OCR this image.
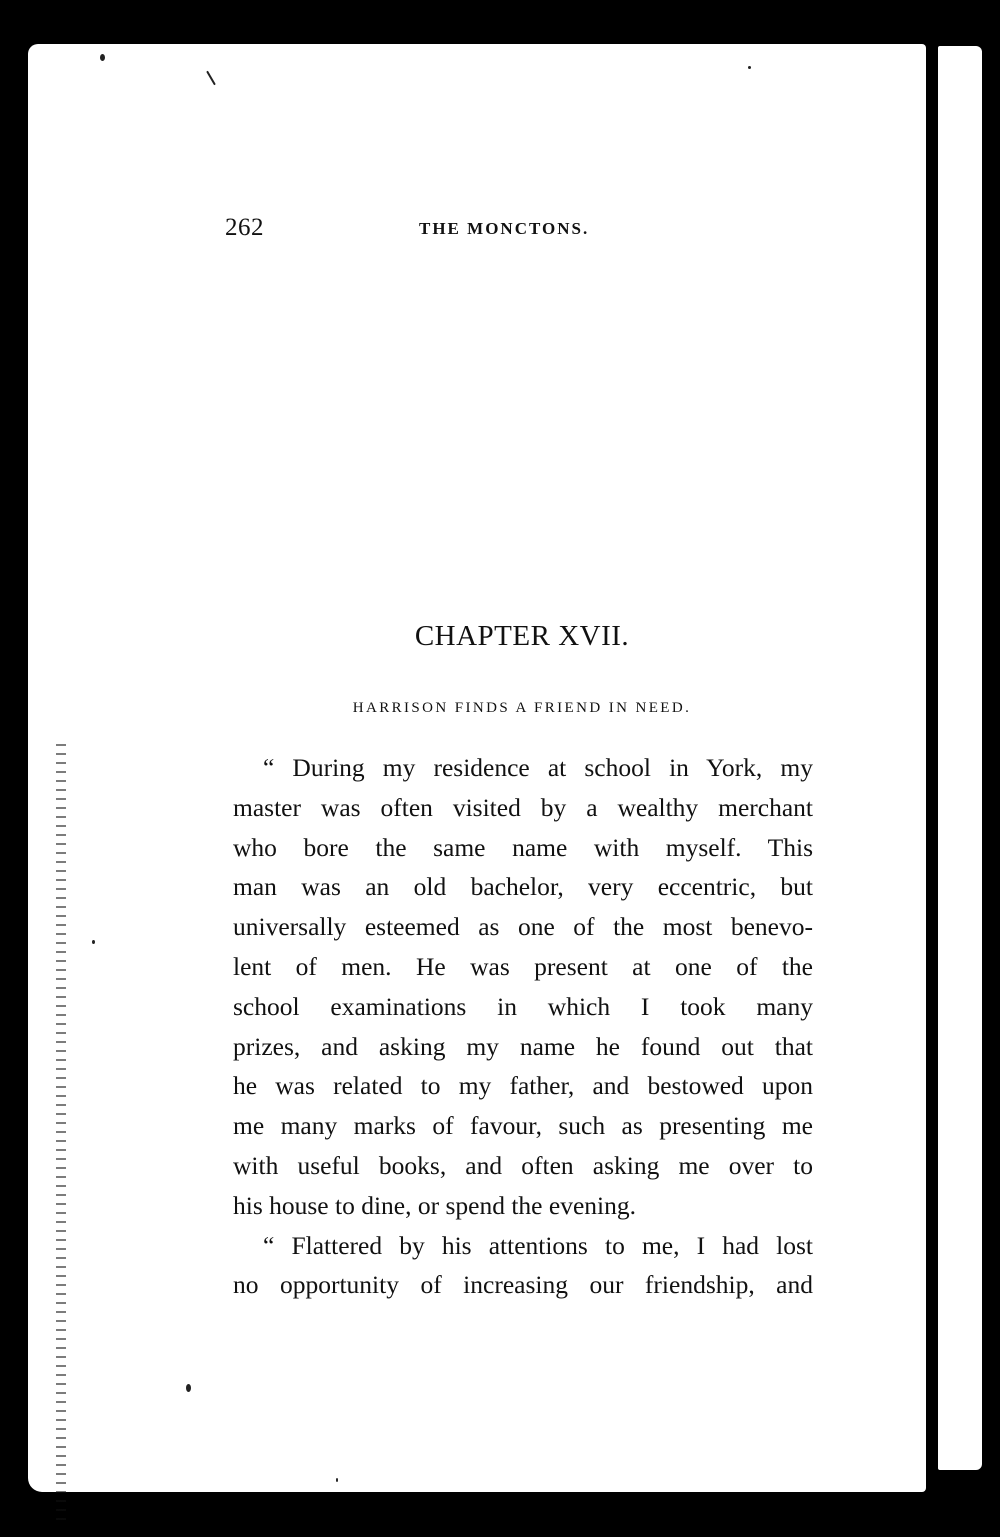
262	THE MONCTONS.
CHAPTER XVII.
HARRISON FINDS A FRIEND IN NEED.
“ During my residence at school in York, my
master was often visited by a wealthy merchant
who bore the same name with myself. This
man was an old bachelor, very eccentric, but
universally esteemed as one of the most benevo-
lent of men. He was present at one of the
school examinations in which I took many
prizes, and asking my name he found out that
he was related to my father, and bestowed upon
me many marks of favour, such as presenting me
with useful books, and often asking me over to
his house to dine, or spend the evening.
“ Flattered by his attentions to me, I had lost
no opportunity of increasing our friendship, and
